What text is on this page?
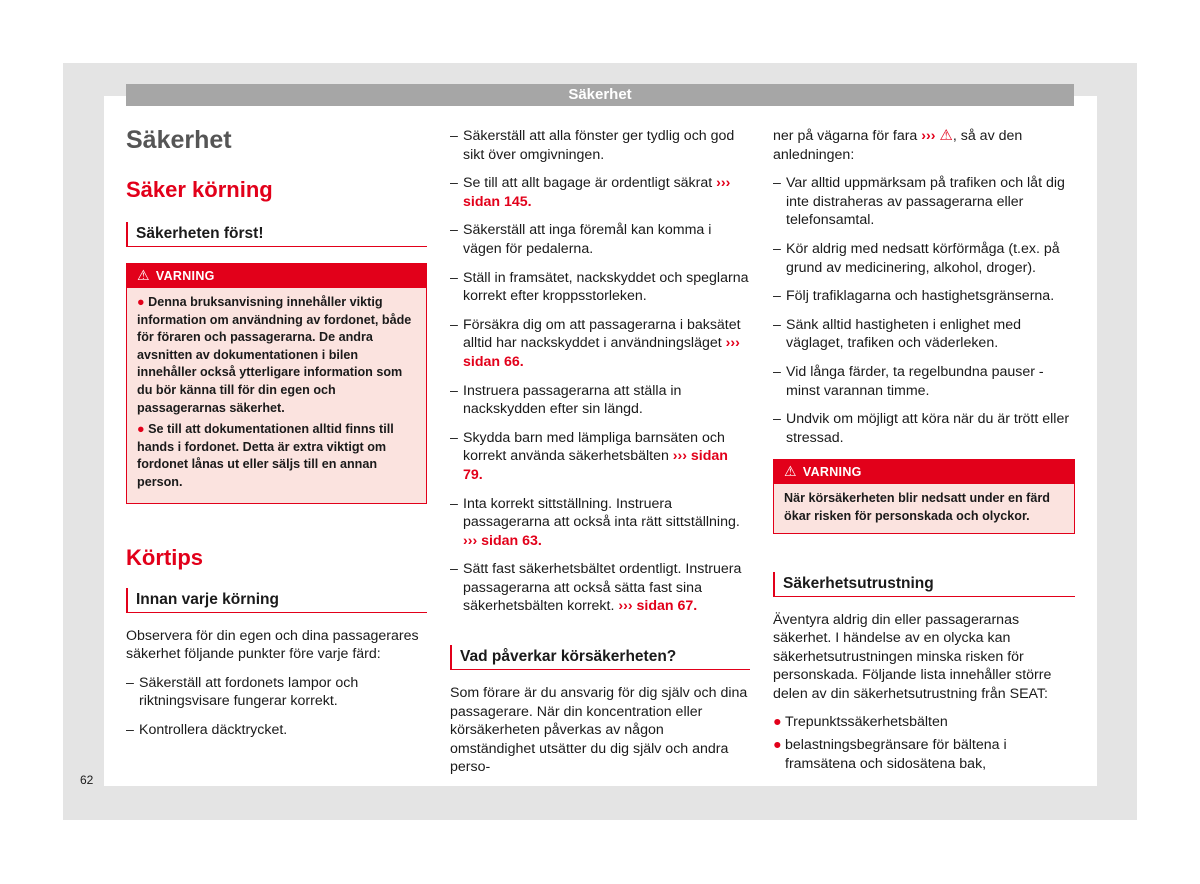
Säkerhet
62
Säkerhet
Säker körning
Säkerheten först!
⚠ VARNING

● Denna bruksanvisning innehåller viktig information om användning av fordonet, både för föraren och passagerarna. De andra avsnitten av dokumentationen i bilen innehåller också ytterligare information som du bör känna till för din egen och passagerarnas säkerhet.

● Se till att dokumentationen alltid finns till hands i fordonet. Detta är extra viktigt om fordonet lånas ut eller säljs till en annan person.

Körtips
Innan varje körning

Observera för din egen och dina passagerares säkerhet följande punkter före varje färd:

– Säkerställ att fordonets lampor och riktningsvisare fungerar korrekt.
– Kontrollera däcktrycket.
– Säkerställ att alla fönster ger tydlig och god sikt över omgivningen.
– Se till att allt bagage är ordentligt säkrat ››› sidan 145.
– Säkerställ att inga föremål kan komma i vägen för pedalerna.
– Ställ in framsätet, nackskyddet och speglarna korrekt efter kroppsstorleken.
– Försäkra dig om att passagerarna i baksätet alltid har nackskyddet i användningsläget ››› sidan 66.
– Instruera passagerarna att ställa in nackskydden efter sin längd.
– Skydda barn med lämpliga barnsäten och korrekt använda säkerhetsbälten ››› sidan 79.
– Inta korrekt sittställning. Instruera passagerarna att också inta rätt sittställning. ››› sidan 63.
– Sätt fast säkerhetsbältet ordentligt. Instruera passagerarna att också sätta fast sina säkerhetsbälten korrekt. ››› sidan 67.
Vad påverkar körsäkerheten?

Som förare är du ansvarig för dig själv och dina passagerare. När din koncentration eller körsäkerheten påverkas av någon omständighet utsätter du dig själv och andra perso-

ner på vägarna för fara ››› ⚠, så av den anledningen:

– Var alltid uppmärksam på trafiken och låt dig inte distraheras av passagerarna eller telefonsamtal.
– Kör aldrig med nedsatt körförmåga (t.ex. på grund av medicinering, alkohol, droger).
– Följ trafiklagarna och hastighetsgränserna.
– Sänk alltid hastigheten i enlighet med väglaget, trafiken och väderleken.
– Vid långa färder, ta regelbundna pauser - minst varannan timme.
– Undvik om möjligt att köra när du är trött eller stressad.
⚠ VARNING

När körsäkerheten blir nedsatt under en färd ökar risken för personskada och olyckor.

Säkerhetsutrustning

Äventyra aldrig din eller passagerarnas säkerhet. I händelse av en olycka kan säkerhetsutrustningen minska risken för personskada. Följande lista innehåller större delen av din säkerhetsutrustning från SEAT:

● Trepunktssäkerhetsbälten
● belastningsbegränsare för bältena i framsätena och sidosätena bak,
